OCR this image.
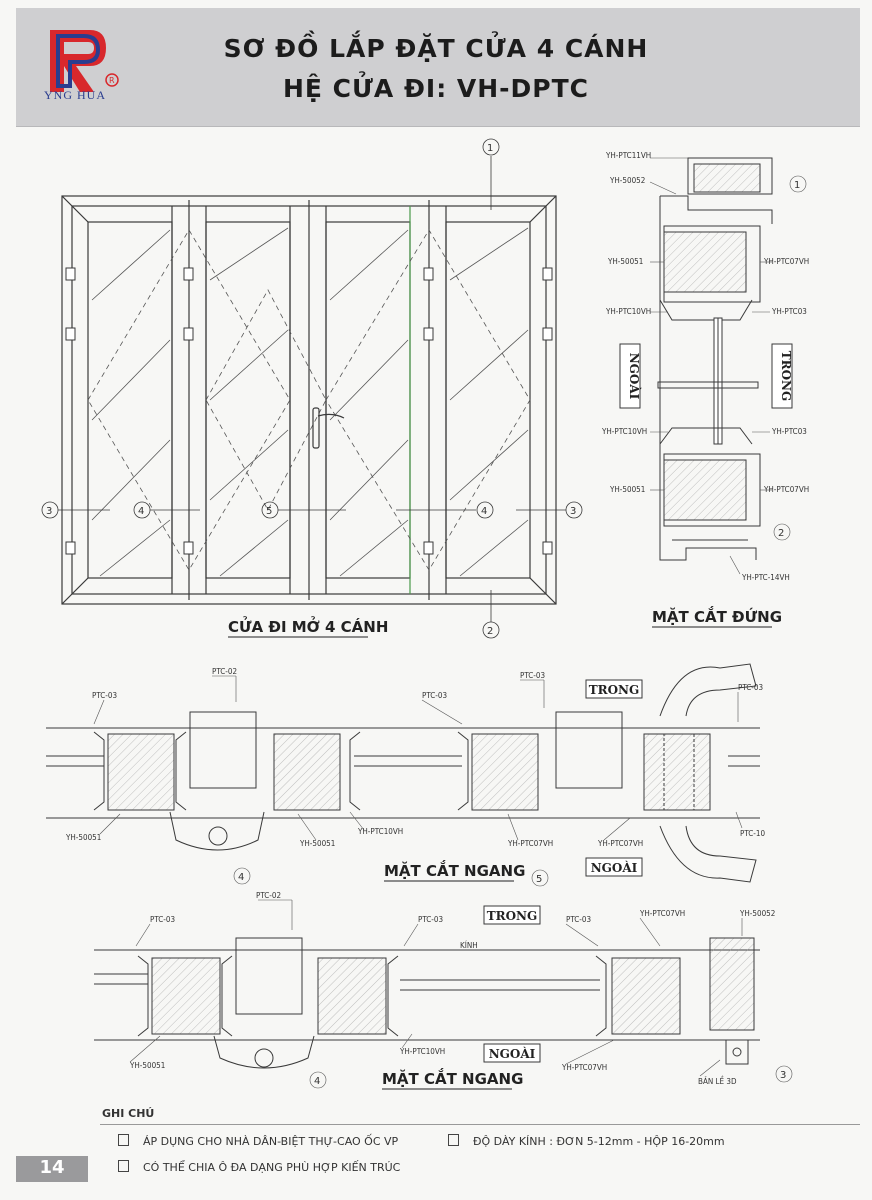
R
YNG HUA
SƠ ĐỒ LẮP ĐẶT CỬA 4 CÁNH
HỆ CỬA ĐI: VH-DPTC
1
2
3	4	5	4	3
CỬA ĐI MỞ 4 CÁNH
NGOÀI	TRONG
YH-PTC11VH
YH-50052
YH-50051	YH-PTC07VH
YH-PTC10VH	YH-PTC03
YH-PTC10VH	YH-PTC03
YH-50051	YH-PTC07VH
YH-PTC-14VH
1
2
MẶT CẮT ĐỨNG
TRONG
NGOÀI
PTC-02
PTC-03	PTC-03
PTC-03
PTC-03
YH-50051
YH-50051
YH-PTC10VH
YH-PTC07VH	YH-PTC07VH
PTC-10
4	5
MẶT CẮT NGANG
TRONG
NGOÀI
PTC-02
PTC-03	PTC-03	PTC-03
YH-PTC07VH	YH-50052
KÍNH
YH-50051
YH-PTC10VH
YH-PTC07VH
BẢN LỀ 3D
4
3
MẶT CẮT NGANG
GHI CHÚ
ÁP DỤNG CHO NHÀ DÂN-BIỆT THỰ-CAO ỐC VP	ĐỘ DÀY KÍNH : ĐƠN 5-12mm - HỘP 16-20mm
CÓ THỂ CHIA Ô ĐA DẠNG PHÙ HỢP KIẾN TRÚC
14
